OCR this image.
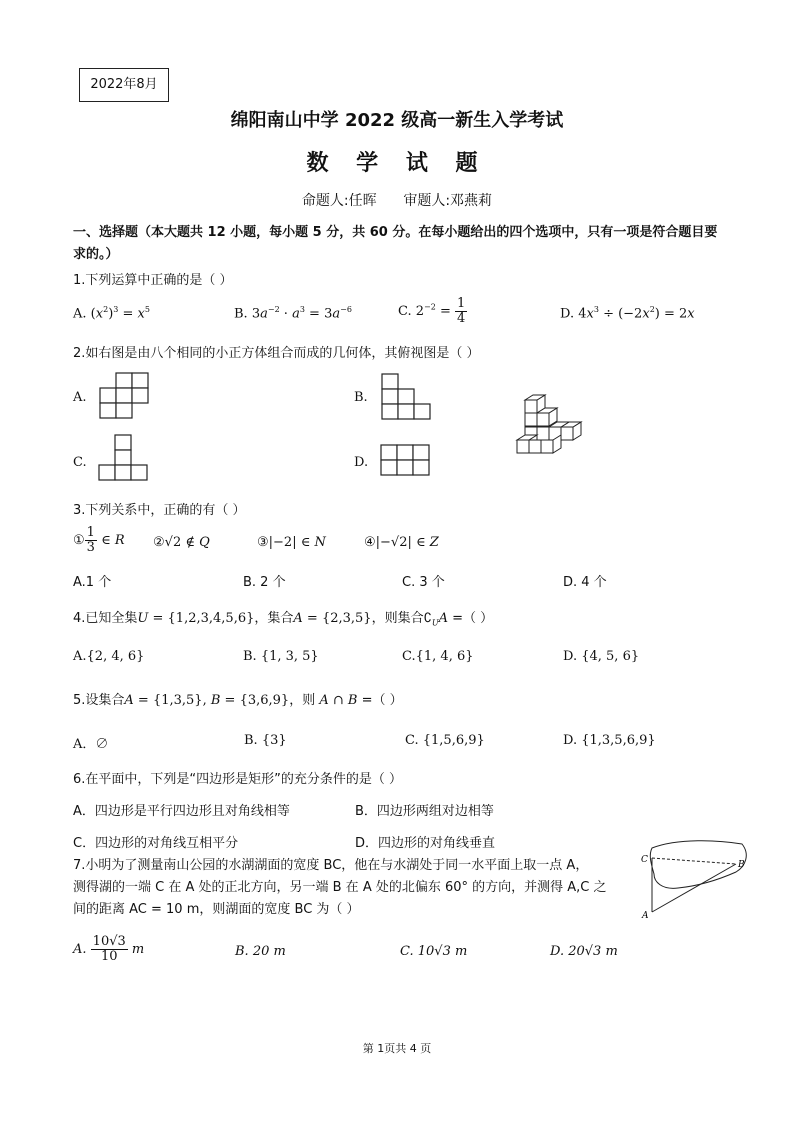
2022年8月
绵阳南山中学 2022 级高一新生入学考试
数 学 试 题
命题人:任晖      审题人:邓燕莉
一、选择题（本大题共 12 小题，每小题 5 分，共 60 分。在每小题给出的四个选项中，只有一项是符合题目要求的。）
1.下列运算中正确的是（ ）
A. $(x^2)^3 = x^5$	B. $3a^{-2} \cdot a^3 = 3a^{-6}$	C. $2^{-2} = \frac{1}{4}$	D. $4x^3 \div (-2x^2) = 2x$
2.如右图是由八个相同的小正方体组合而成的几何体，其俯视图是（ ）
A.	B.
C.	D.
3.下列关系中，正确的有（ ）
① $\frac{1}{3}$ ∈ R ②√2 ∉ Q	③|−2| ∈ N	④|−√2| ∈ Z
A.1 个	B. 2 个	C. 3 个	D. 4 个
4.已知全集U = {1,2,3,4,5,6}，集合A = {2,3,5}，则集合$∁_UA$ =（ ）
A.{2, 4, 6}	B. {1, 3, 5}	C.{1, 4, 6}	D. {4, 5, 6}
5.设集合A = {1,3,5}, B = {3,6,9}，则 A ∩ B =（ ）
A．∅	B. {3}	C. {1,5,6,9}	D. {1,3,5,6,9}
6.在平面中，下列是“四边形是矩形”的充分条件的是（ ）
A．四边形是平行四边形且对角线相等	B．四边形两组对边相等
C．四边形的对角线互相平分	D．四边形的对角线垂直
7.小明为了测量南山公园的水湖湖面的宽度 BC，他在与水湖处于同一水平面上取一点 A，
测得湖的一端 C 在 A 处的正北方向，另一端 B 在 A 处的北偏东 60° 的方向，并测得 A,C 之
间的距离 AC = 10 m，则湖面的宽度 BC 为（ ）
C	B
A
A. $\frac{10√3}{10}$ m	B. 20 m	C. 10√3 m	D. 20√3 m
第 1页共 4 页
